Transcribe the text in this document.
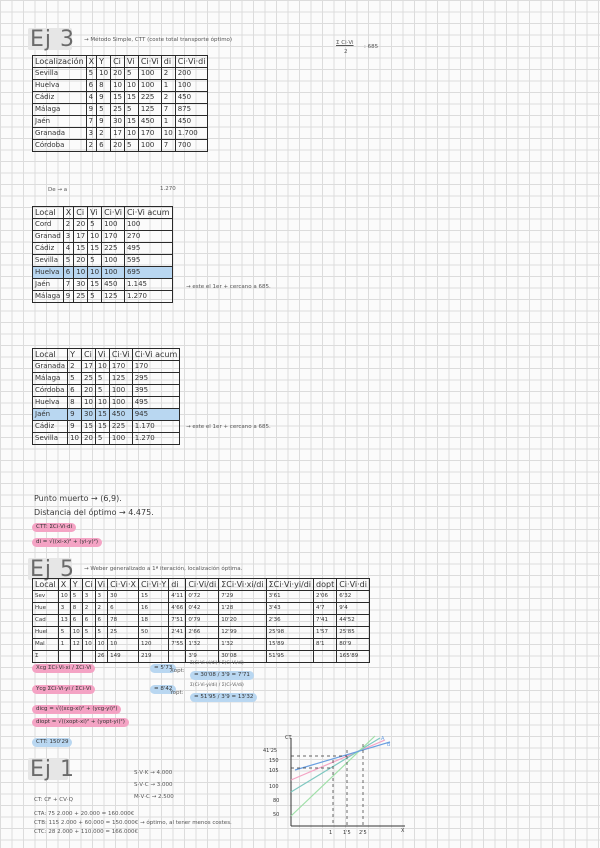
Ej 3 → Método Simple, CTT (coste total transporte óptimo)	Σ Ci·Vi
2
: 685
Localización	X	Y	Ci	Vi	Ci·Vi	di	Ci·Vi·di
Sevilla	5	10	20	5	100	2	200
Huelva	6	8	10	10	100	1	100
Cádiz	4	9	15	15	225	2	450
Málaga	9	5	25	5	125	7	875
Jaén	7	9	30	15	450	1	450
Granada	3	2	17	10	170	10	1.700
Córdoba	2	6	20	5	100	7	700
1.270
De → a
Local	X	Ci	Vi	Ci·Vi	Ci·Vi acum
Cord	2	20	5	100	100
Granad	3	17	10	170	270
Cádiz	4	15	15	225	495
Sevilla	5	20	5	100	595
Huelva	6	10	10	100	695
Jaén	7	30	15	450	1.145
Málaga	9	25	5	125	1.270
→ este el 1er + cercano a 685.
Local	Y	Ci	Vi	Ci·Vi	Ci·Vi acum
Granada	2	17	10	170	170
Málaga	5	25	5	125	295
Córdoba	6	20	5	100	395
Huelva	8	10	10	100	495
Jaén	9	30	15	450	945
Cádiz	9	15	15	225	1.170
Sevilla	10	20	5	100	1.270
→ este el 1er + cercano a 685.
Punto muerto → (6,9).
Distancia del óptimo → 4.475.
CTT: ΣCi·Vi·di
di = √((xi-x)² + (yi-y)²)
Ej 5 → Weber generalizado a 1ª iteración, localización óptima.
Local	X	Y	Ci	Vi	Ci·Vi·X	Ci·Vi·Y	di	Ci·Vi/di	ΣCi·Vi·xi/di	ΣCi·Vi·yi/di	dopt	Ci·Vi·di
Sev	10	5	3	3	30	15	4'11	0'72	7'29	3'61	2'06	6'32
Hue	3	8	2	2	6	16	4'66	0'42	1'28	3'43	4'7	9'4
Cad	13	6	6	6	78	18	7'51	0'79	10'20	2'36	7'41	44'52
Huel	5	10	5	5	25	50	2'41	2'66	12'99	25'98	1'57	25'85
Mal	1	12	10	10	10	120	7'55	1'32	1'32	15'89	8'1	80'9
Σ				26	149	219		3'9	30'08	51'95		165'89
Xcg ΣCi·Vi·xi / ΣCi·Vi	= 5'73
Ycg ΣCi·Vi·yi / ΣCi·Vi	= 8'42
Xopt:
Σ(Ci·Vi·xi/di) / Σ(Ci·Vi/di)
= 30'08 / 3'9 = 7'71
Yopt:
Σ(Ci·Vi·yi/di) / Σ(Ci·Vi/di)
= 51'95 / 3'9 = 13'32
dicg = √((xcg-xi)² + (ycg-yi)²)
diopt = √((xopt-xi)² + (yopt-yi)²)
CTT: 150'29
Ej 1	S·V·K → 4.000
S·V·C → 3.000
M·V·C → 2.500
CT: CF + CV·Q
CTA: 75 2.000 + 20.000 = 160.000€
CTB: 115 2.000 + 60.000 = 150.000€ → óptimo, al tener menos costes.
CTC: 28 2.000 + 110.000 = 166.000€
CT
X
41'25
150
105
100
80
50
1 1'5 2'5
A
B
